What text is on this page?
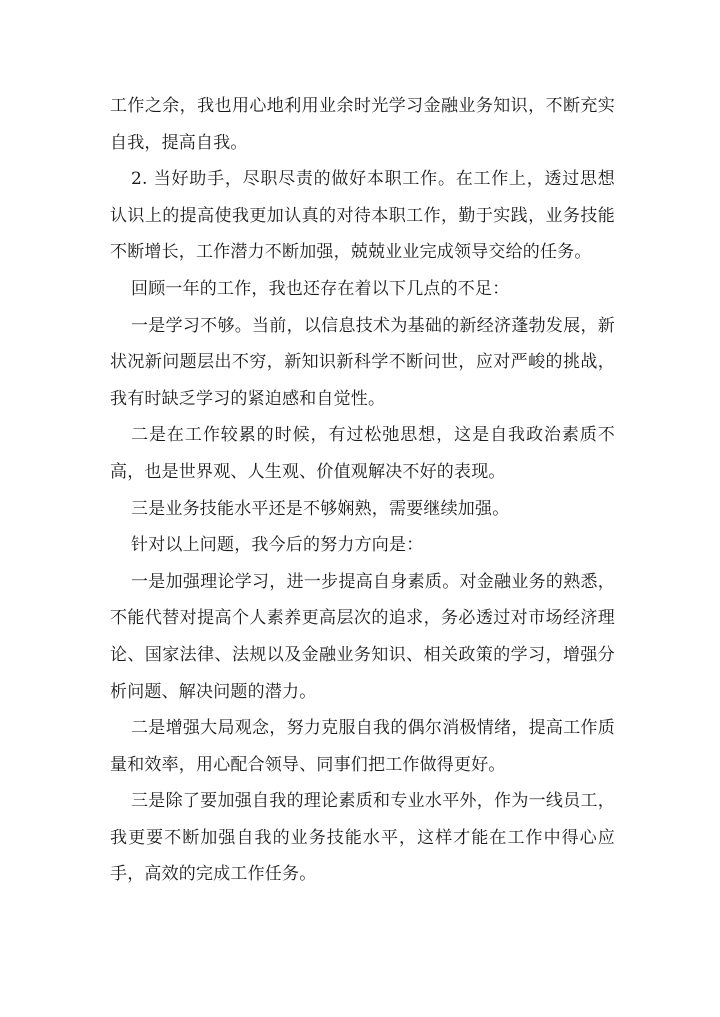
工作之余，我也用心地利用业余时光学习金融业务知识，不断充实自我，提高自我。

2. 当好助手，尽职尽责的做好本职工作。在工作上，透过思想认识上的提高使我更加认真的对待本职工作，勤于实践，业务技能不断增长，工作潜力不断加强，兢兢业业完成领导交给的任务。

回顾一年的工作，我也还存在着以下几点的不足：

一是学习不够。当前，以信息技术为基础的新经济蓬勃发展，新状况新问题层出不穷，新知识新科学不断问世，应对严峻的挑战，我有时缺乏学习的紧迫感和自觉性。

二是在工作较累的时候，有过松弛思想，这是自我政治素质不高，也是世界观、人生观、价值观解决不好的表现。

三是业务技能水平还是不够娴熟，需要继续加强。

针对以上问题，我今后的努力方向是：

一是加强理论学习，进一步提高自身素质。对金融业务的熟悉，不能代替对提高个人素养更高层次的追求，务必透过对市场经济理论、国家法律、法规以及金融业务知识、相关政策的学习，增强分析问题、解决问题的潜力。

二是增强大局观念，努力克服自我的偶尔消极情绪，提高工作质量和效率，用心配合领导、同事们把工作做得更好。

三是除了要加强自我的理论素质和专业水平外，作为一线员工，我更要不断加强自我的业务技能水平，这样才能在工作中得心应手，高效的完成工作任务。
